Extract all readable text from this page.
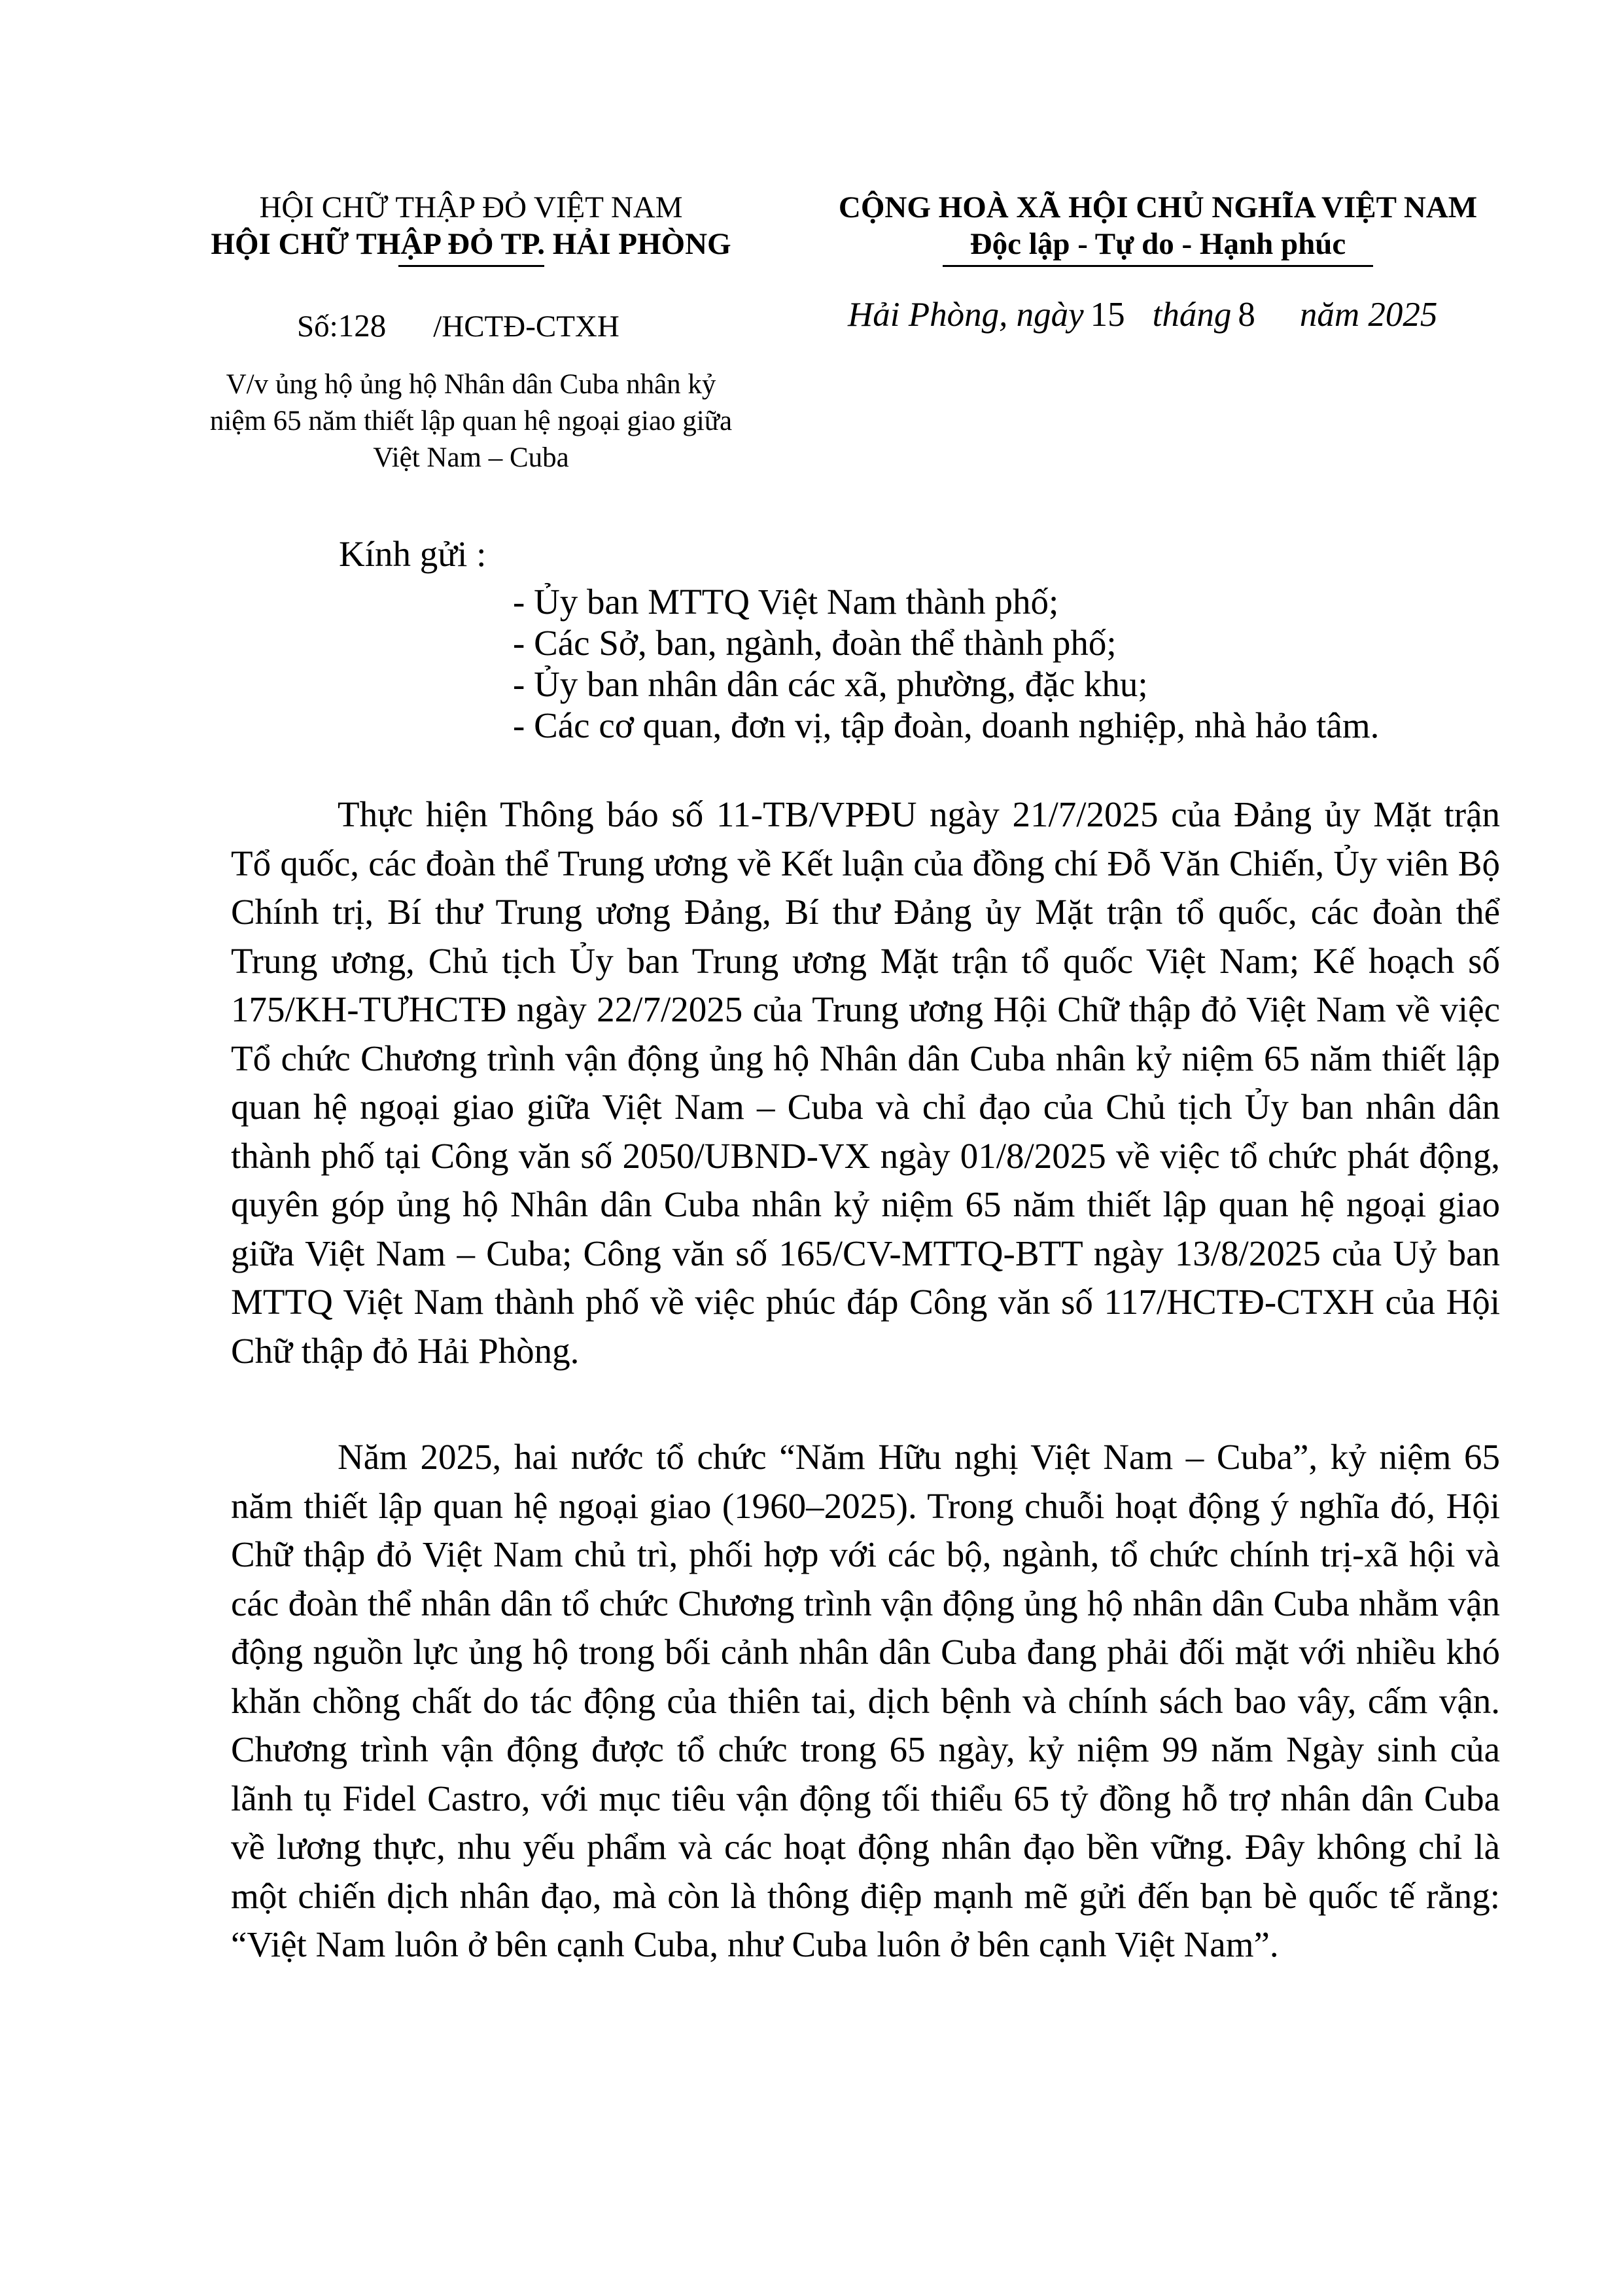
HỘI CHỮ THẬP ĐỎ VIỆT NAM
HỘI CHỮ THẬP ĐỎ TP. HẢI PHÒNG
Số:128 /HCTĐ-CTXH
V/v ủng hộ ủng hộ Nhân dân Cuba nhân kỷ
niệm 65 năm thiết lập quan hệ ngoại giao giữa
Việt Nam – Cuba
CỘNG HOÀ XÃ HỘI CHỦ NGHĨA VIỆT NAM
Độc lập - Tự do - Hạnh phúc
Hải Phòng, ngày 15 tháng 8 năm 2025
Kính gửi :
- Ủy ban MTTQ Việt Nam thành phố;
- Các Sở, ban, ngành, đoàn thể thành phố;
- Ủy ban nhân dân các xã, phường, đặc khu;
- Các cơ quan, đơn vị, tập đoàn, doanh nghiệp, nhà hảo tâm.

Thực hiện Thông báo số 11-TB/VPĐU ngày 21/7/2025 của Đảng ủy Mặt trận Tổ quốc, các đoàn thể Trung ương về Kết luận của đồng chí Đỗ Văn Chiến, Ủy viên Bộ Chính trị, Bí thư Trung ương Đảng, Bí thư Đảng ủy Mặt trận tổ quốc, các đoàn thể Trung ương, Chủ tịch Ủy ban Trung ương Mặt trận tổ quốc Việt Nam; Kế hoạch số 175/KH-TƯHCTĐ ngày 22/7/2025 của Trung ương Hội Chữ thập đỏ Việt Nam về việc Tổ chức Chương trình vận động ủng hộ Nhân dân Cuba nhân kỷ niệm 65 năm thiết lập quan hệ ngoại giao giữa Việt Nam – Cuba và chỉ đạo của Chủ tịch Ủy ban nhân dân thành phố tại Công văn số 2050/UBND-VX ngày 01/8/2025 về việc tổ chức phát động, quyên góp ủng hộ Nhân dân Cuba nhân kỷ niệm 65 năm thiết lập quan hệ ngoại giao giữa Việt Nam – Cuba; Công văn số 165/CV-MTTQ-BTT ngày 13/8/2025 của Uỷ ban MTTQ Việt Nam thành phố về việc phúc đáp Công văn số 117/HCTĐ-CTXH của Hội Chữ thập đỏ Hải Phòng.

Năm 2025, hai nước tổ chức “Năm Hữu nghị Việt Nam – Cuba”, kỷ niệm 65 năm thiết lập quan hệ ngoại giao (1960–2025). Trong chuỗi hoạt động ý nghĩa đó, Hội Chữ thập đỏ Việt Nam chủ trì, phối hợp với các bộ, ngành, tổ chức chính trị-xã hội và các đoàn thể nhân dân tổ chức Chương trình vận động ủng hộ nhân dân Cuba nhằm vận động nguồn lực ủng hộ trong bối cảnh nhân dân Cuba đang phải đối mặt với nhiều khó khăn chồng chất do tác động của thiên tai, dịch bệnh và chính sách bao vây, cấm vận. Chương trình vận động được tổ chức trong 65 ngày, kỷ niệm 99 năm Ngày sinh của lãnh tụ Fidel Castro, với mục tiêu vận động tối thiểu 65 tỷ đồng hỗ trợ nhân dân Cuba về lương thực, nhu yếu phẩm và các hoạt động nhân đạo bền vững. Đây không chỉ là một chiến dịch nhân đạo, mà còn là thông điệp mạnh mẽ gửi đến bạn bè quốc tế rằng: “Việt Nam luôn ở bên cạnh Cuba, như Cuba luôn ở bên cạnh Việt Nam”.
